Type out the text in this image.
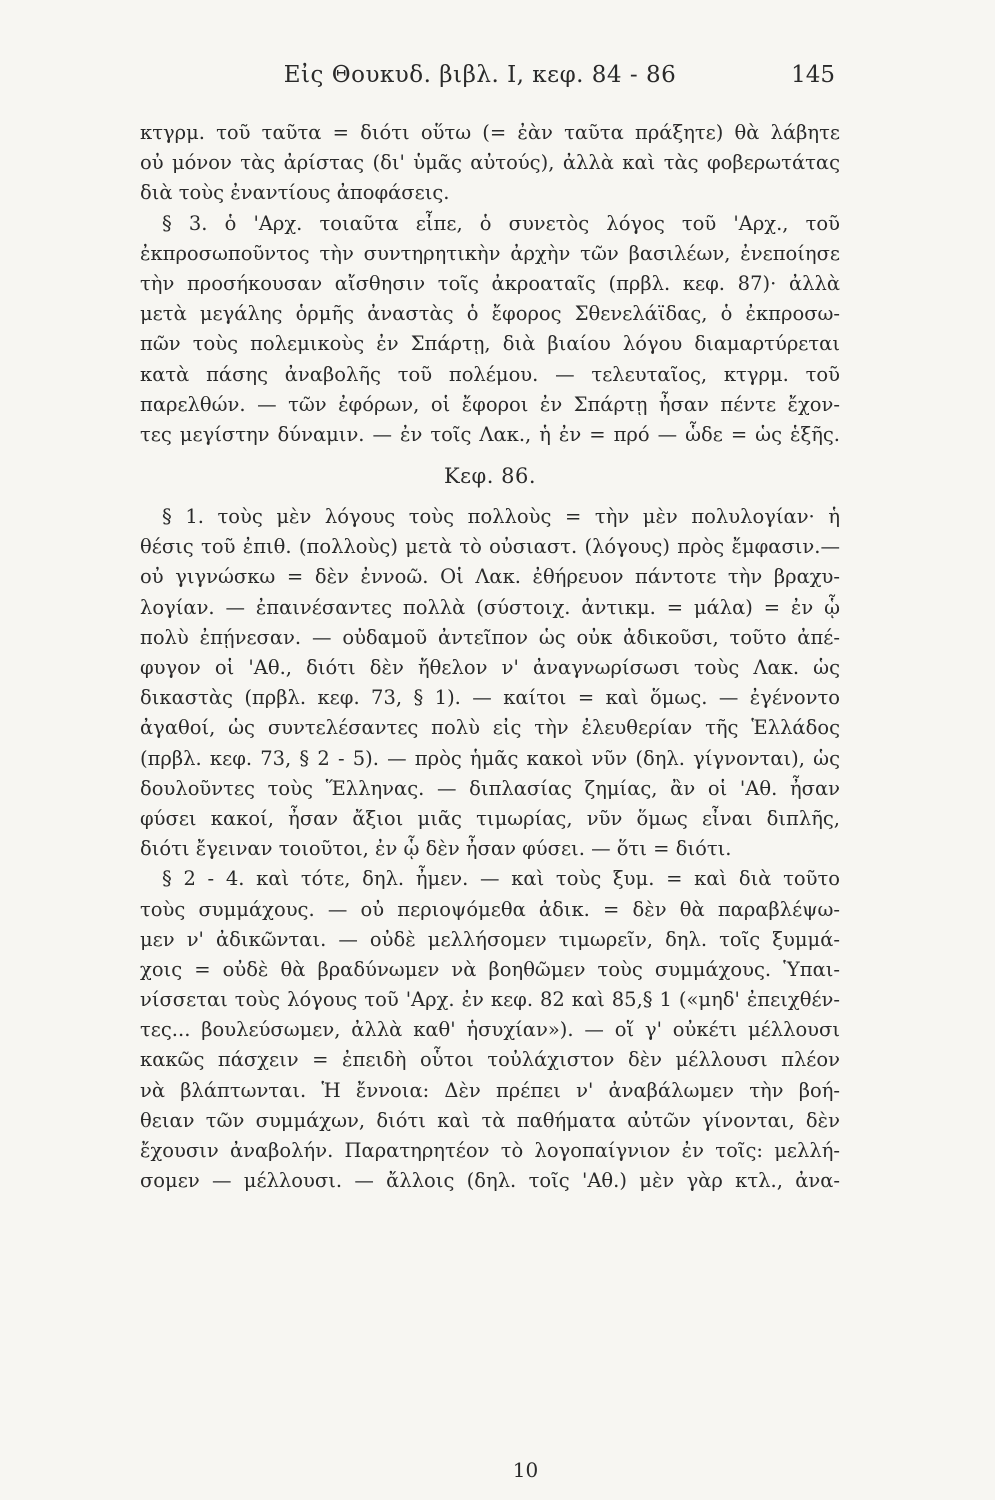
Εἰς Θουκυδ. βιβλ. I, κεφ. 84 - 86	145
κτγρμ. τοῦ ταῦτα = διότι οὕτω (= ἐὰν ταῦτα πράξητε) θὰ λάβητε
οὐ μόνον τὰς ἀρίστας (δι' ὑμᾶς αὐτούς), ἀλλὰ καὶ τὰς φοβερωτάτας
διὰ τοὺς ἐναντίους ἀποφάσεις.
§ 3. ὁ 'Αρχ. τοιαῦτα εἶπε, ὁ συνετὸς λόγος τοῦ 'Αρχ., τοῦ
ἐκπροσωποῦντος τὴν συντηρητικὴν ἀρχὴν τῶν βασιλέων, ἐνεποίησε
τὴν προσήκουσαν αἴσθησιν τοῖς ἀκροαταῖς (πρβλ. κεφ. 87)· ἀλλὰ
μετὰ μεγάλης ὁρμῆς ἀναστὰς ὁ ἔφορος Σθενελάϊδας, ὁ ἐκπροσω-
πῶν τοὺς πολεμικοὺς ἐν Σπάρτῃ, διὰ βιαίου λόγου διαμαρτύρεται
κατὰ πάσης ἀναβολῆς τοῦ πολέμου. — τελευταῖος, κτγρμ. τοῦ
παρελθών. — τῶν ἐφόρων, οἱ ἔφοροι ἐν Σπάρτῃ ἦσαν πέντε ἔχον-
τες μεγίστην δύναμιν. — ἐν τοῖς Λακ., ἡ ἐν = πρό — ὧδε = ὡς ἑξῆς.
Κεφ. 86.
§ 1. τοὺς μὲν λόγους τοὺς πολλοὺς = τὴν μὲν πολυλογίαν· ἡ
θέσις τοῦ ἐπιθ. (πολλοὺς) μετὰ τὸ οὐσιαστ. (λόγους) πρὸς ἔμφασιν.—
οὐ γιγνώσκω = δὲν ἐννοῶ. Οἱ Λακ. ἐθήρευον πάντοτε τὴν βραχυ-
λογίαν. — ἐπαινέσαντες πολλὰ (σύστοιχ. ἀντικμ. = μάλα) = ἐν ᾧ
πολὺ ἐπῄνεσαν. — οὐδαμοῦ ἀντεῖπον ὡς οὐκ ἀδικοῦσι, τοῦτο ἀπέ-
φυγον οἱ 'Αθ., διότι δὲν ἤθελον ν' ἀναγνωρίσωσι τοὺς Λακ. ὡς
δικαστὰς (πρβλ. κεφ. 73, § 1). — καίτοι = καὶ ὅμως. — ἐγένοντο
ἀγαθοί, ὡς συντελέσαντες πολὺ εἰς τὴν ἐλευθερίαν τῆς Ἑλλάδος
(πρβλ. κεφ. 73, § 2 - 5). — πρὸς ἡμᾶς κακοὶ νῦν (δηλ. γίγνονται), ὡς
δουλοῦντες τοὺς Ἕλληνας. — διπλασίας ζημίας, ἂν οἱ 'Αθ. ἦσαν
φύσει κακοί, ἦσαν ἄξιοι μιᾶς τιμωρίας, νῦν ὅμως εἶναι διπλῆς,
διότι ἔγειναν τοιοῦτοι, ἐν ᾧ δὲν ἦσαν φύσει. — ὅτι = διότι.
§ 2 - 4. καὶ τότε, δηλ. ἦμεν. — καὶ τοὺς ξυμ. = καὶ διὰ τοῦτο
τοὺς συμμάχους. — οὐ περιοψόμεθα ἀδικ. = δὲν θὰ παραβλέψω-
μεν ν' ἀδικῶνται. — οὐδὲ μελλήσομεν τιμωρεῖν, δηλ. τοῖς ξυμμά-
χοις = οὐδὲ θὰ βραδύνωμεν νὰ βοηθῶμεν τοὺς συμμάχους. Ὑπαι-
νίσσεται τοὺς λόγους τοῦ 'Αρχ. ἐν κεφ. 82 καὶ 85,§ 1 («μηδ' ἐπειχθέν-
τες... βουλεύσωμεν, ἀλλὰ καθ' ἡσυχίαν»). — οἵ γ' οὐκέτι μέλλουσι
κακῶς πάσχειν = ἐπειδὴ οὗτοι τοὐλάχιστον δὲν μέλλουσι πλέον
νὰ βλάπτωνται. Ἡ ἔννοια: Δὲν πρέπει ν' ἀναβάλωμεν τὴν βοή-
θειαν τῶν συμμάχων, διότι καὶ τὰ παθήματα αὐτῶν γίνονται, δὲν
ἔχουσιν ἀναβολήν. Παρατηρητέον τὸ λογοπαίγνιον ἐν τοῖς: μελλή-
σομεν — μέλλουσι. — ἄλλοις (δηλ. τοῖς 'Αθ.) μὲν γὰρ κτλ., ἀνα-
10
